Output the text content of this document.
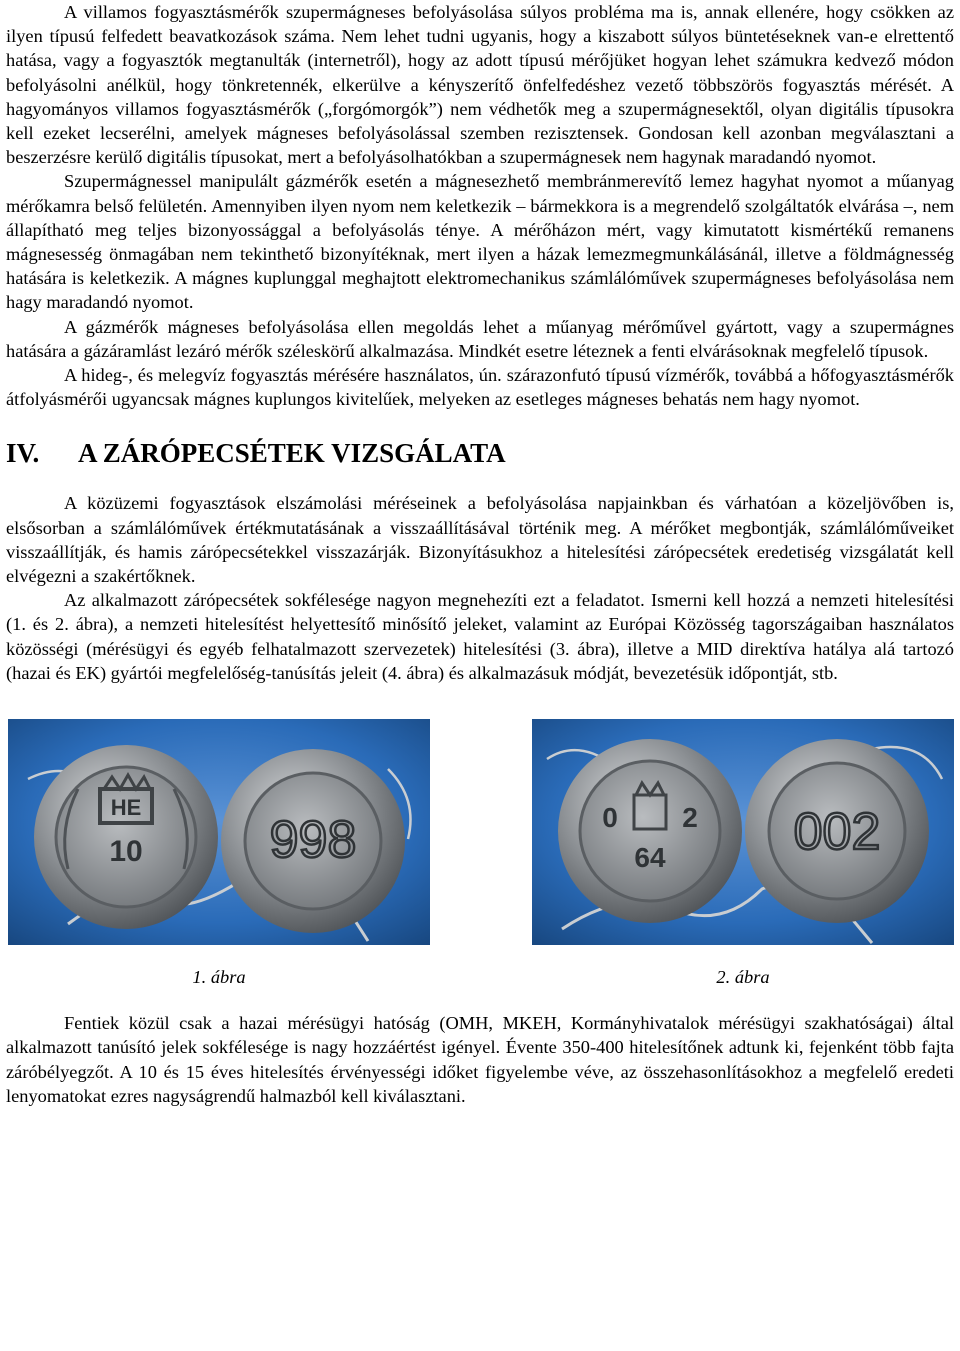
A villamos fogyasztásmérők szupermágneses befolyásolása súlyos probléma ma is, annak ellenére, hogy csökken az ilyen típusú felfedett beavatkozások száma. Nem lehet tudni ugyanis, hogy a kiszabott súlyos büntetéseknek van-e elrettentő hatása, vagy a fogyasztók megtanulták (internetről), hogy az adott típusú mérőjüket hogyan lehet számukra kedvező módon befolyásolni anélkül, hogy tönkretennék, elkerülve a kényszerítő önfelfedéshez vezető többszörös fogyasztás mérését. A hagyományos villamos fogyasztásmérők („forgómorgók”) nem védhetők meg a szupermágnesektől, olyan digitális típusokra kell ezeket lecserélni, amelyek mágneses befolyásolással szemben rezisztensek. Gondosan kell azonban megválasztani a beszerzésre kerülő digitális típusokat, mert a befolyásolhatókban a szupermágnesek nem hagynak maradandó nyomot.

Szupermágnessel manipulált gázmérők esetén a mágnesezhető membránmerevítő lemez hagyhat nyomot a műanyag mérőkamra belső felületén. Amennyiben ilyen nyom nem keletkezik – bármekkora is a megrendelő szolgáltatók elvárása –, nem állapítható meg teljes bizonyossággal a befolyásolás ténye. A mérőházon mért, vagy kimutatott kismértékű remanens mágnesesség önmagában nem tekinthető bizonyítéknak, mert ilyen a házak lemezmegmunkálásánál, illetve a földmágnesség hatására is keletkezik. A mágnes kuplunggal meghajtott elektromechanikus számlálóművek szupermágneses befolyásolása nem hagy maradandó nyomot.

A gázmérők mágneses befolyásolása ellen megoldás lehet a műanyag mérőművel gyártott, vagy a szupermágnes hatására a gázáramlást lezáró mérők széleskörű alkalmazása. Mindkét esetre léteznek a fenti elvárásoknak megfelelő típusok.

A hideg-, és melegvíz fogyasztás mérésére használatos, ún. szárazonfutó típusú vízmérők, továbbá a hőfogyasztásmérők átfolyásmérői ugyancsak mágnes kuplungos kivitelűek, melyeken az esetleges mágneses behatás nem hagy nyomot.

IV.	A ZÁRÓPECSÉTEK VIZSGÁLATA

A közüzemi fogyasztások elszámolási méréseinek a befolyásolása napjainkban és várhatóan a közeljövőben is, elsősorban a számlálóművek értékmutatásának a visszaállításával történik meg. A mérőket megbontják, számlálóműveiket visszaállítják, és hamis zárópecsétekkel visszazárják. Bizonyításukhoz a hitelesítési zárópecsétek eredetiség vizsgálatát kell elvégezni a szakértőknek.

Az alkalmazott zárópecsétek sokfélesége nagyon megnehezíti ezt a feladatot. Ismerni kell hozzá a nemzeti hitelesítési (1. és 2. ábra), a nemzeti hitelesítést helyettesítő minősítő jeleket, valamint az Európai Közösség tagországaiban használatos közösségi (mérésügyi és egyéb felhatalmazott szervezetek) hitelesítési (3. ábra), illetve a MID direktíva hatálya alá tartozó (hazai és EK) gyártói megfelelőség-tanúsítás jeleit (4. ábra) és alkalmazásuk módját, bevezetésük időpontját, stb.

HE
10 998
1. ábra
0 2
64 002
2. ábra

Fentiek közül csak a hazai mérésügyi hatóság (OMH, MKEH, Kormányhivatalok mérésügyi szakhatóságai) által alkalmazott tanúsító jelek sokfélesége is nagy hozzáértést igényel. Évente 350-400 hitelesítőnek adtunk ki, fejenként több fajta záróbélyegzőt. A 10 és 15 éves hitelesítés érvényességi időket figyelembe véve, az összehasonlításokhoz a megfelelő eredeti lenyomatokat ezres nagyságrendű halmazból kell kiválasztani.
